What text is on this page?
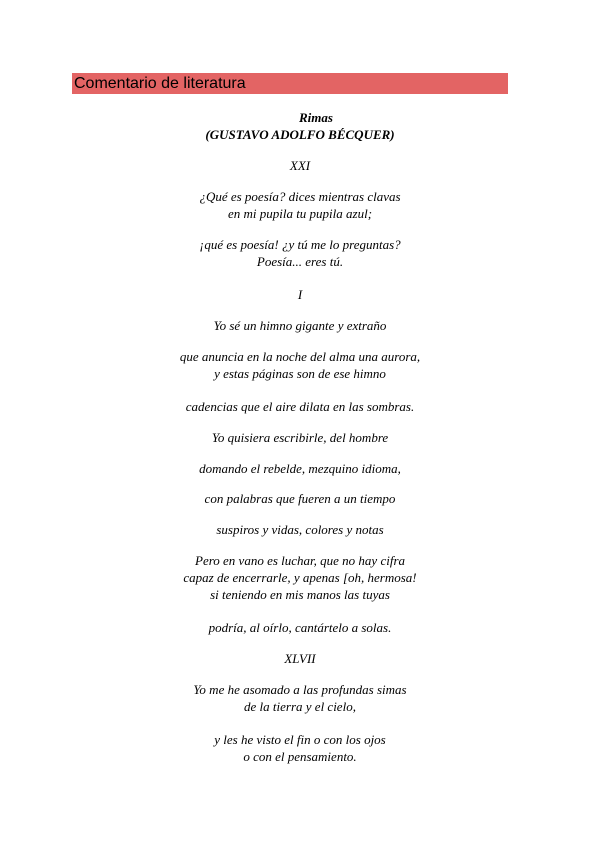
Comentario de literatura
Rimas
(GUSTAVO ADOLFO BÉCQUER)
XXI
¿Qué es poesía? dices mientras clavas
en mi pupila tu pupila azul;
¡qué es poesía! ¿y tú me lo preguntas?
Poesía... eres tú.
I
Yo sé un himno gigante y extraño
que anuncia en la noche del alma una aurora,
y estas páginas son de ese himno
cadencias que el aire dilata en las sombras.
Yo quisiera escribirle, del hombre
domando el rebelde, mezquino idioma,
con palabras que fueren a un tiempo
suspiros y vidas, colores y notas
Pero en vano es luchar, que no hay cifra
capaz de encerrarle, y apenas [oh, hermosa!
si teniendo en mis manos las tuyas
podría, al oírlo, cantártelo a solas.
XLVII
Yo me he asomado a las profundas simas
de la tierra y el cielo,
y les he visto el fin o con los ojos
o con el pensamiento.
